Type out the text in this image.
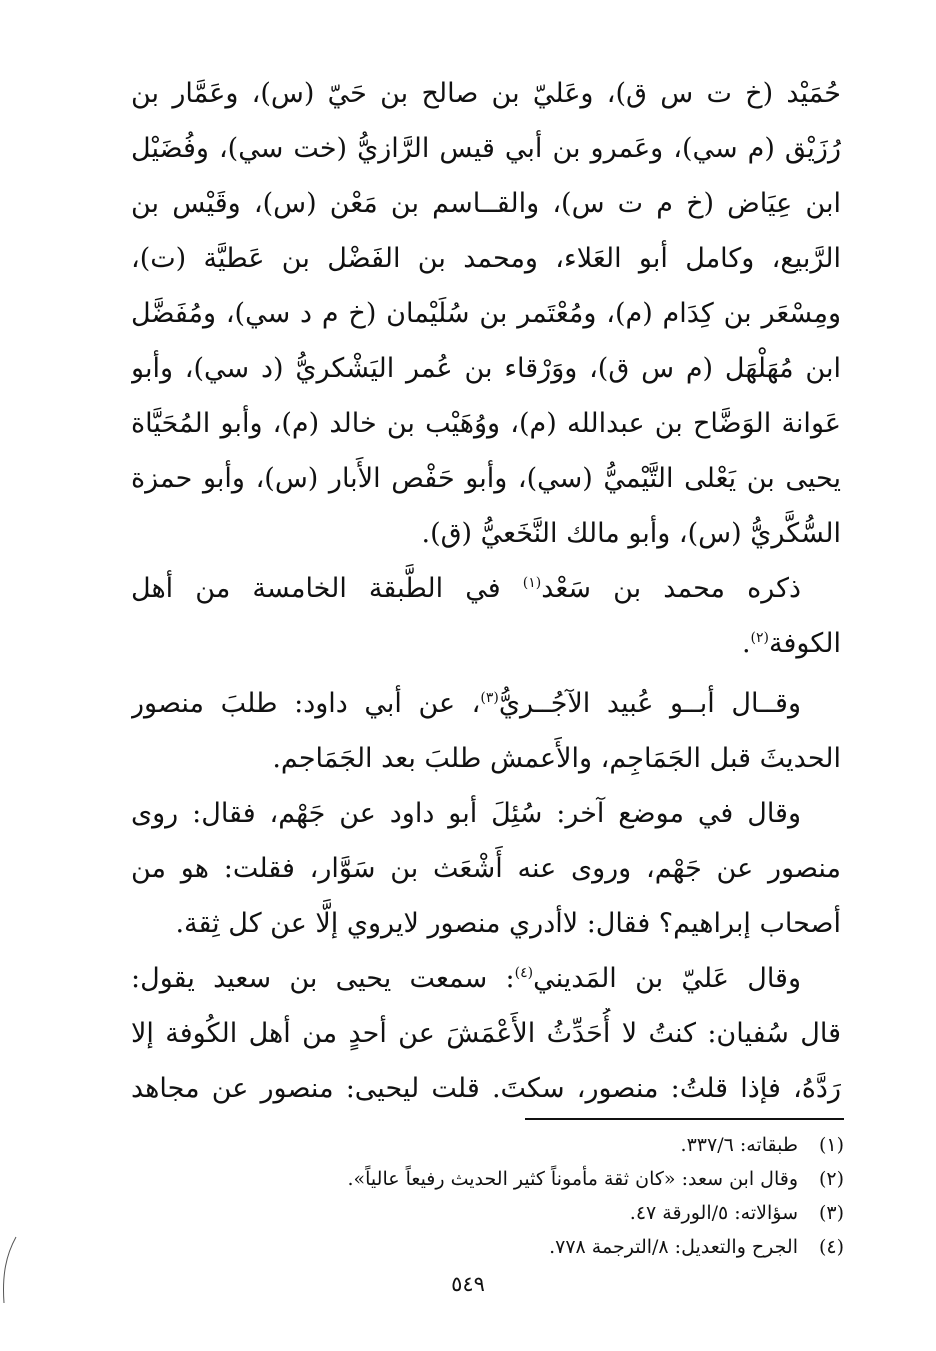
حُمَيْد (خ ت س ق)، وعَليّ بن صالح بن حَيّ (س)، وعَمَّار بن
رُزَيْق (م سي)، وعَمرو بن أبي قيس الرَّازيُّ (خت سي)، وفُضَيْل
ابن عِيَاض (خ م ت س)، والقــاسم بن مَعْن (س)، وقَيْس بن
الرَّبيع، وكامل أبو العَلاء، ومحمد بن الفَضْل بن عَطيَّة (ت)،
ومِسْعَر بن كِدَام (م)، ومُعْتَمر بن سُلَيْمان (خ م د سي)، ومُفَضَّل
ابن مُهَلْهَل (م س ق)، ووَرْقاء بن عُمر اليَشْكريُّ (د سي)، وأبو
عَوانة الوَضَّاح بن عبدالله (م)، ووُهَيْب بن خالد (م)، وأبو المُحَيَّاة
يحيى بن يَعْلى التَّيْميُّ (سي)، وأبو حَفْص الأَبار (س)، وأبو حمزة
السُّكَّريُّ (س)، وأبو مالك النَّخَعيُّ (ق).
ذكره محمد بن سَعْد$^{(١)}$ في الطَّبقة الخامسة من أهل
الكوفة$^{(٢)}$.
وقــال أبــو عُبيد الآجُــريُّ$^{(٣)}$، عن أبي داود: طلبَ منصور
الحديثَ قبل الجَمَاجِم، والأَعمش طلبَ بعد الجَمَاجم.
وقال في موضع آخر: سُئِلَ أبو داود عن جَهْم، فقال: روى
منصور عن جَهْم، وروى عنه أَشْعَث بن سَوَّار، فقلت: هو من
أصحاب إبراهيم؟ فقال: لاأدري منصور لايروي إلَّا عن كل ثِقة.
وقال عَليّ بن المَديني$^{(٤)}$: سمعت يحيى بن سعيد يقول:
قال سُفيان: كنتُ لا أُحَدِّثُ الأَعْمَشَ عن أحدٍ من أهل الكُوفة إلا
رَدَّهُ، فإذا قلتُ: منصور، سكتَ. قلت ليحيى: منصور عن مجاهد
(١)طبقاته: ٣٣٧/٦.
(٢)وقال ابن سعد: «كان ثقة مأموناً كثير الحديث رفيعاً عالياً».
(٣)سؤالاته: ٥/الورقة ٤٧.
(٤)الجرح والتعديل: ٨/الترجمة ٧٧٨.
٥٤٩
